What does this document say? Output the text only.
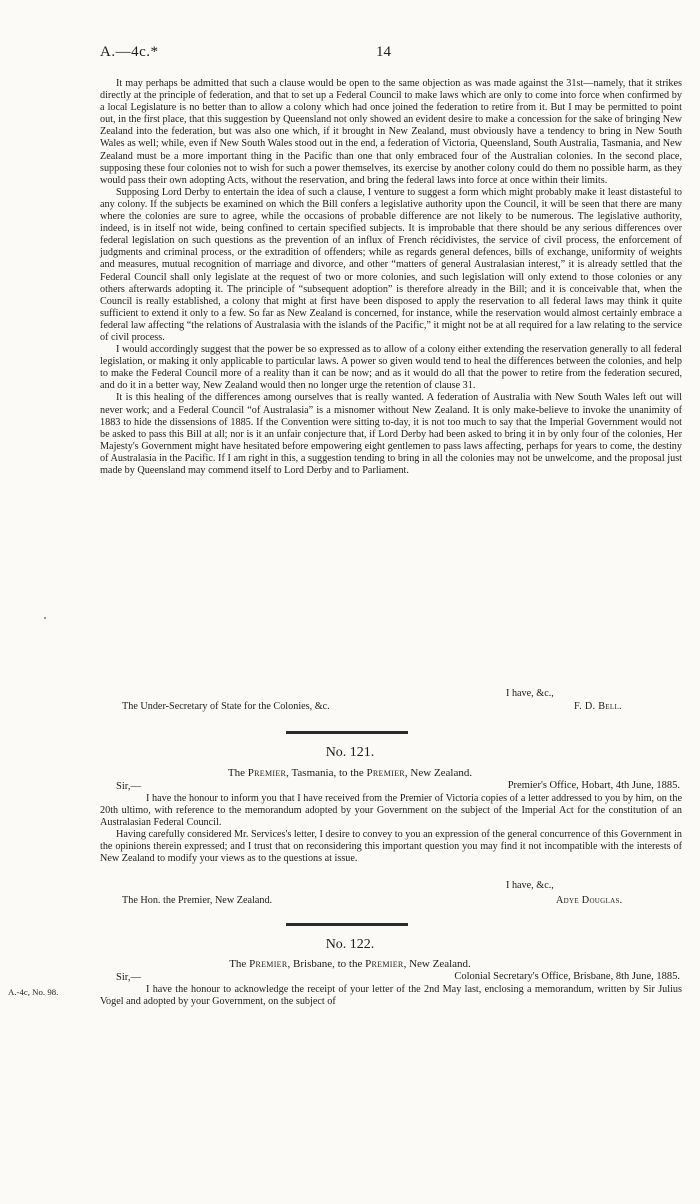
A.—4c.*	14

It may perhaps be admitted that such a clause would be open to the same objection as was made against the 31st—namely, that it strikes directly at the principle of federation, and that to set up a Federal Council to make laws which are only to come into force when confirmed by a local Legislature is no better than to allow a colony which had once joined the federation to retire from it. But I may be permitted to point out, in the first place, that this suggestion by Queensland not only showed an evident desire to make a concession for the sake of bringing New Zealand into the federation, but was also one which, if it brought in New Zealand, must obviously have a tendency to bring in New South Wales as well; while, even if New South Wales stood out in the end, a federation of Victoria, Queensland, South Australia, Tasmania, and New Zealand must be a more important thing in the Pacific than one that only embraced four of the Australian colonies. In the second place, supposing these four colonies not to wish for such a power themselves, its exercise by another colony could do them no possible harm, as they would pass their own adopting Acts, without the reservation, and bring the federal laws into force at once within their limits.

Supposing Lord Derby to entertain the idea of such a clause, I venture to suggest a form which might probably make it least distasteful to any colony. If the subjects be examined on which the Bill confers a legislative authority upon the Council, it will be seen that there are many where the colonies are sure to agree, while the occasions of probable difference are not likely to be numerous. The legislative authority, indeed, is in itself not wide, being confined to certain specified subjects. It is improbable that there should be any serious differences over federal legislation on such questions as the prevention of an influx of French récidivistes, the service of civil process, the enforcement of judgments and criminal process, or the extradition of offenders; while as regards general defences, bills of exchange, uniformity of weights and measures, mutual recognition of marriage and divorce, and other “matters of general Australasian interest,” it is already settled that the Federal Council shall only legislate at the request of two or more colonies, and such legislation will only extend to those colonies or any others afterwards adopting it. The principle of “subsequent adoption” is therefore already in the Bill; and it is conceivable that, when the Council is really established, a colony that might at first have been disposed to apply the reservation to all federal laws may think it quite sufficient to extend it only to a few. So far as New Zealand is concerned, for instance, while the reservation would almost certainly embrace a federal law affecting “the relations of Australasia with the islands of the Pacific,” it might not be at all required for a law relating to the service of civil process.

I would accordingly suggest that the power be so expressed as to allow of a colony either extending the reservation generally to all federal legislation, or making it only applicable to particular laws. A power so given would tend to heal the differences between the colonies, and help to make the Federal Council more of a reality than it can be now; and as it would do all that the power to retire from the federation secured, and do it in a better way, New Zealand would then no longer urge the retention of clause 31.

It is this healing of the differences among ourselves that is really wanted. A federation of Australia with New South Wales left out will never work; and a Federal Council “of Australasia” is a misnomer without New Zealand. It is only make-believe to invoke the unanimity of 1883 to hide the dissensions of 1885. If the Convention were sitting to-day, it is not too much to say that the Imperial Government would not be asked to pass this Bill at all; nor is it an unfair conjecture that, if Lord Derby had been asked to bring it in by only four of the colonies, Her Majesty's Government might have hesitated before empowering eight gentlemen to pass laws affecting, perhaps for years to come, the destiny of Australasia in the Pacific. If I am right in this, a suggestion tending to bring in all the colonies may not be unwelcome, and the proposal just made by Queensland may commend itself to Lord Derby and to Parliament.

I have, &c.,
The Under-Secretary of State for the Colonies, &c.	F. D. Bell.
No. 121.
The Premier, Tasmania, to the Premier, New Zealand.
Sir,—	Premier's Office, Hobart, 4th June, 1885.

I have the honour to inform you that I have received from the Premier of Victoria copies of a letter addressed to you by him, on the 20th ultimo, with reference to the memorandum adopted by your Government on the subject of the Imperial Act for the constitution of an Australasian Federal Council.

Having carefully considered Mr. Services's letter, I desire to convey to you an expression of the general concurrence of this Government in the opinions therein expressed; and I trust that on reconsidering this important question you may find it not incompatible with the interests of New Zealand to modify your views as to the questions at issue.

I have, &c.,
The Hon. the Premier, New Zealand.	Adye Douglas.
No. 122.
The Premier, Brisbane, to the Premier, New Zealand.
Sir,—	Colonial Secretary's Office, Brisbane, 8th June, 1885.

I have the honour to acknowledge the receipt of your letter of the 2nd May last, enclosing a memorandum, written by Sir Julius Vogel and adopted by your Government, on the subject of

A.-4c, No. 98.
